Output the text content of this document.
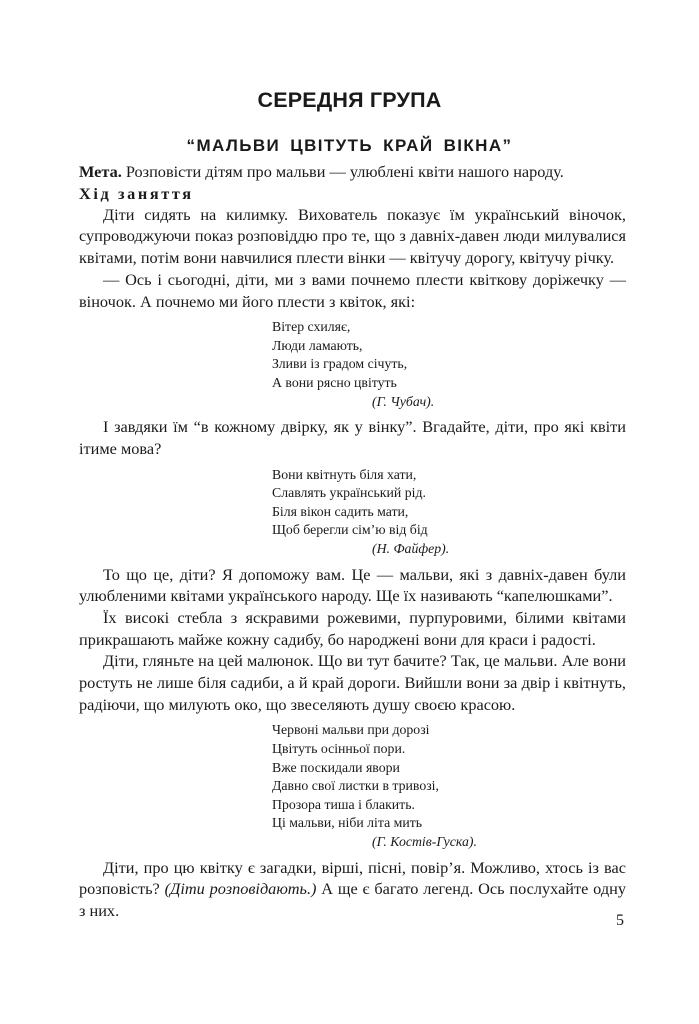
СЕРЕДНЯ ГРУПА
“МАЛЬВИ ЦВІТУТЬ КРАЙ ВІКНА”

Мета. Розповісти дітям про мальви — улюблені квіти нашого народу.

Хід заняття

Діти сидять на килимку. Вихователь показує їм український віночок, супроводжуючи показ розповіддю про те, що з давніх-давен люди милувалися квітами, потім вони навчилися плести вінки — квітучу дорогу, квітучу річку.

— Ось і сьогодні, діти, ми з вами почнемо плести квіткову доріжечку — віночок. А почнемо ми його плести з квіток, які:

Вітер схиляє,
Люди ламають,
Зливи із градом січуть,
А вони рясно цвітуть
(Г. Чубач).

І завдяки їм “в кожному двірку, як у вінку”. Вгадайте, діти, про які квіти ітиме мова?

Вони квітнуть біля хати,
Славлять український рід.
Біля вікон садить мати,
Щоб берегли сім’ю від бід
(Н. Файфер).

То що це, діти? Я допоможу вам. Це — мальви, які з давніх-давен були улюбленими квітами українського народу. Ще їх називають “капелюшками”.

Їх високі стебла з яскравими рожевими, пурпуровими, білими квітами прикрашають майже кожну садибу, бо народжені вони для краси і радості.

Діти, гляньте на цей малюнок. Що ви тут бачите? Так, це мальви. Але вони ростуть не лише біля садиби, а й край дороги. Вийшли вони за двір і квітнуть, радіючи, що милують око, що звеселяють душу своєю красою.

Червоні мальви при дорозі
Цвітуть осінньої пори.
Вже поскидали явори
Давно свої листки в тривозі,
Прозора тиша і блакить.
Ці мальви, ніби літа мить
(Г. Костів-Гуска).

Діти, про цю квітку є загадки, вірші, пісні, повір’я. Можливо, хтось із вас розповість? (Діти розповідають.) А ще є багато легенд. Ось послухайте одну з них.

5
